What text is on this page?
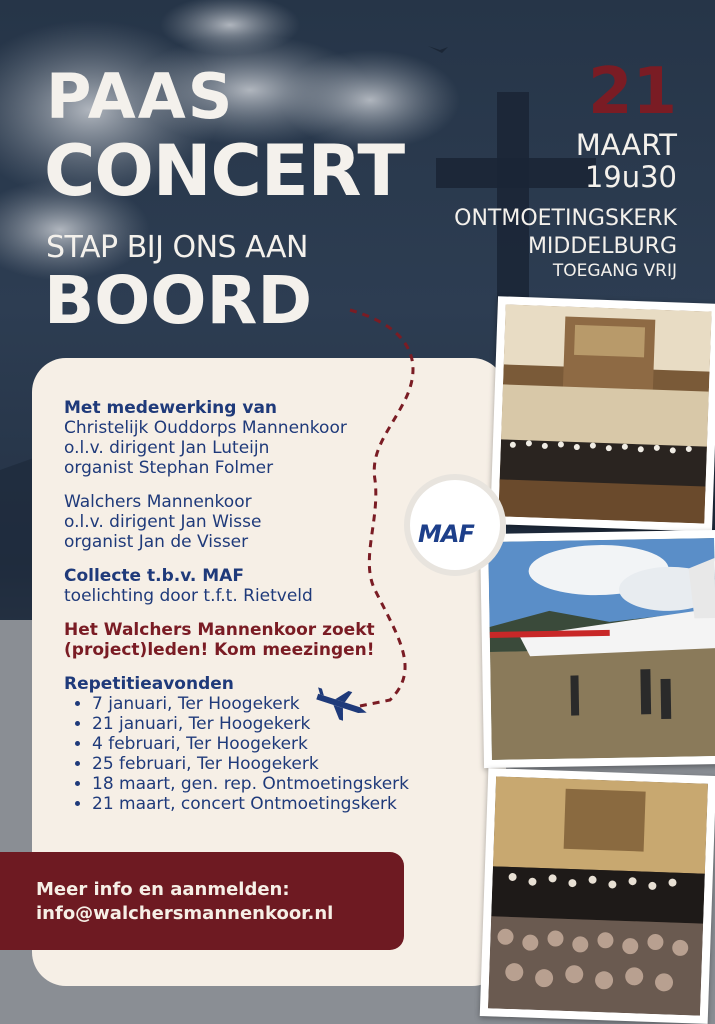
PAAS
CONCERT
STAP BIJ ONS AAN
BOORD
21
MAART
19u30
ONTMOETINGSKERK
MIDDELBURG
TOEGANG VRIJ
MAF
Met medewerking van
Christelijk Ouddorps Mannenkoor
o.l.v. dirigent Jan Luteijn
organist Stephan Folmer
Walchers Mannenkoor
o.l.v. dirigent Jan Wisse
organist Jan de Visser
Collecte t.b.v. MAF
toelichting door t.f.t. Rietveld
Het Walchers Mannenkoor zoekt
(project)leden! Kom meezingen!
Repetitieavonden
• 7 januari, Ter Hoogekerk
• 21 januari, Ter Hoogekerk
• 4 februari, Ter Hoogekerk
• 25 februari, Ter Hoogekerk
• 18 maart, gen. rep. Ontmoetingskerk
• 21 maart, concert Ontmoetingskerk
Meer info en aanmelden:
info@walchersmannenkoor.nl
